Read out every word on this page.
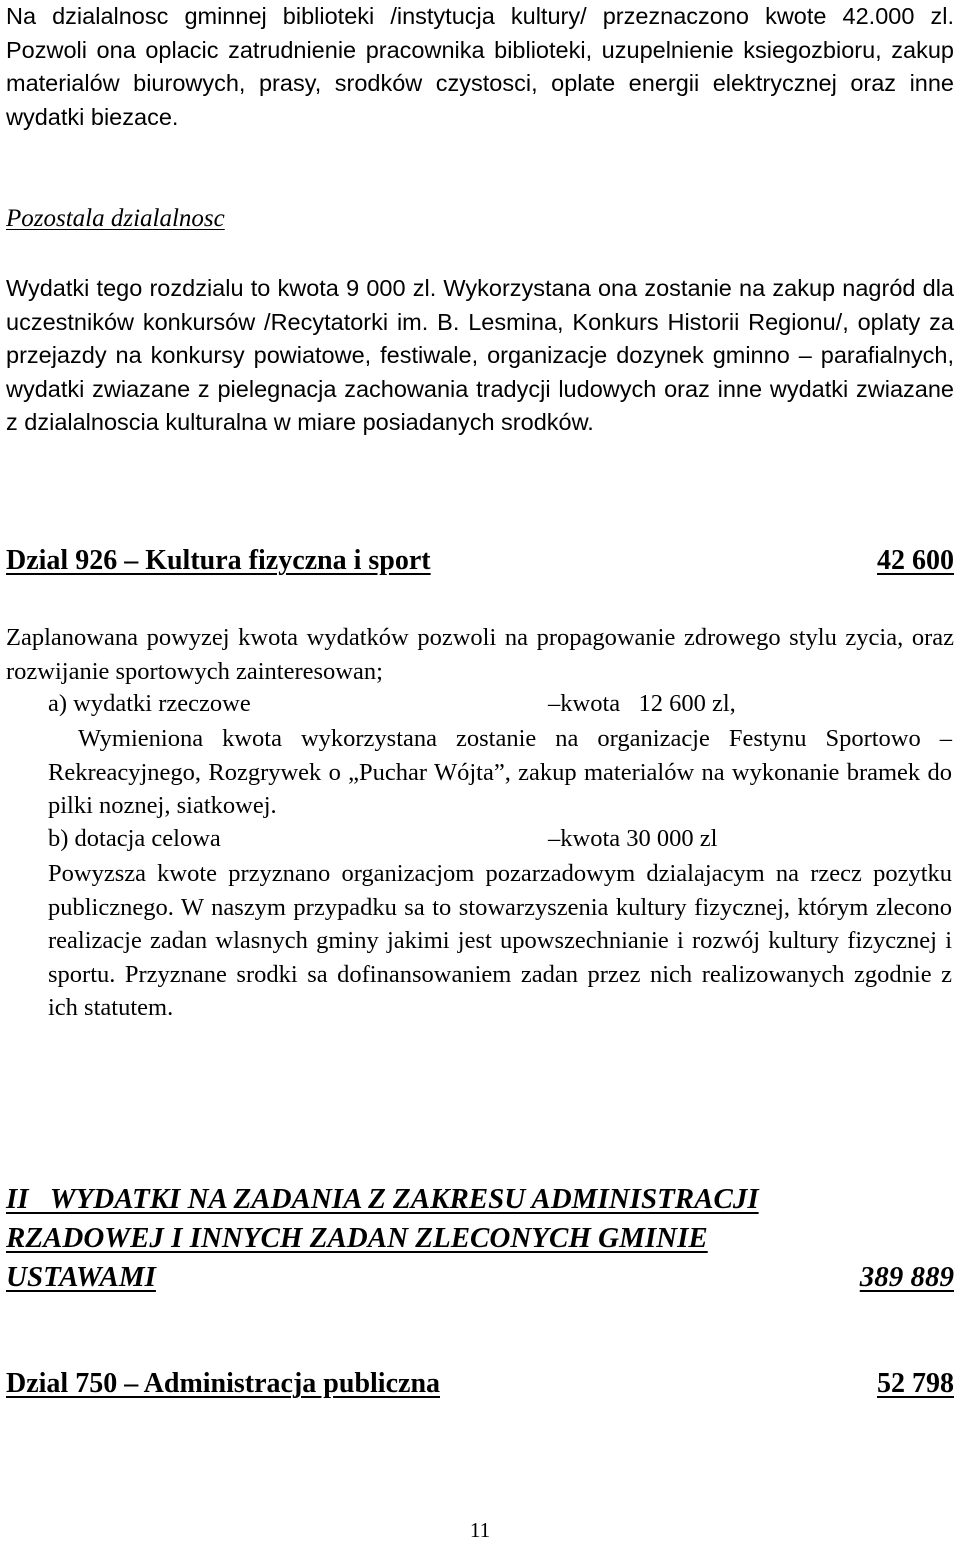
Na dzialalnosc gminnej biblioteki /instytucja kultury/ przeznaczono kwote 42.000 zl. Pozwoli ona oplacic zatrudnienie pracownika biblioteki, uzupelnienie ksiegozbioru, zakup materialów biurowych, prasy, srodków czystosci, oplate energii elektrycznej oraz inne wydatki biezace.

Pozostala dzialalnosc

Wydatki tego rozdzialu to kwota 9 000 zl. Wykorzystana ona zostanie na zakup nagród dla uczestników konkursów /Recytatorki im. B. Lesmina, Konkurs Historii Regionu/, oplaty za przejazdy na konkursy powiatowe, festiwale, organizacje dozynek gminno – parafialnych, wydatki zwiazane z pielegnacja zachowania tradycji ludowych oraz inne wydatki zwiazane z dzialalnoscia kulturalna w miare posiadanych srodków.

Dzial 926 – Kultura fizyczna i sport	42 600

Zaplanowana powyzej kwota wydatków pozwoli na propagowanie zdrowego stylu zycia, oraz rozwijanie sportowych zainteresowan;

a) wydatki rzeczowe	–kwota   12 600 zl,

Wymieniona kwota wykorzystana zostanie na organizacje Festynu Sportowo – Rekreacyjnego, Rozgrywek o „Puchar Wójta”, zakup materialów na wykonanie bramek do pilki noznej, siatkowej.

b) dotacja celowa	–kwota 30 000 zl

Powyzsza kwote przyznano organizacjom pozarzadowym dzialajacym na rzecz pozytku publicznego. W naszym przypadku sa to stowarzyszenia kultury fizycznej, którym zlecono realizacje zadan wlasnych gminy jakimi jest upowszechnianie i rozwój kultury fizycznej i sportu. Przyznane srodki sa dofinansowaniem zadan przez nich realizowanych zgodnie z ich statutem.

II   WYDATKI NA ZADANIA Z ZAKRESU ADMINISTRACJI
RZADOWEJ I INNYCH ZADAN ZLECONYCH GMINIE
USTAWAMI	389 889
Dzial 750 – Administracja publiczna	52 798
11
